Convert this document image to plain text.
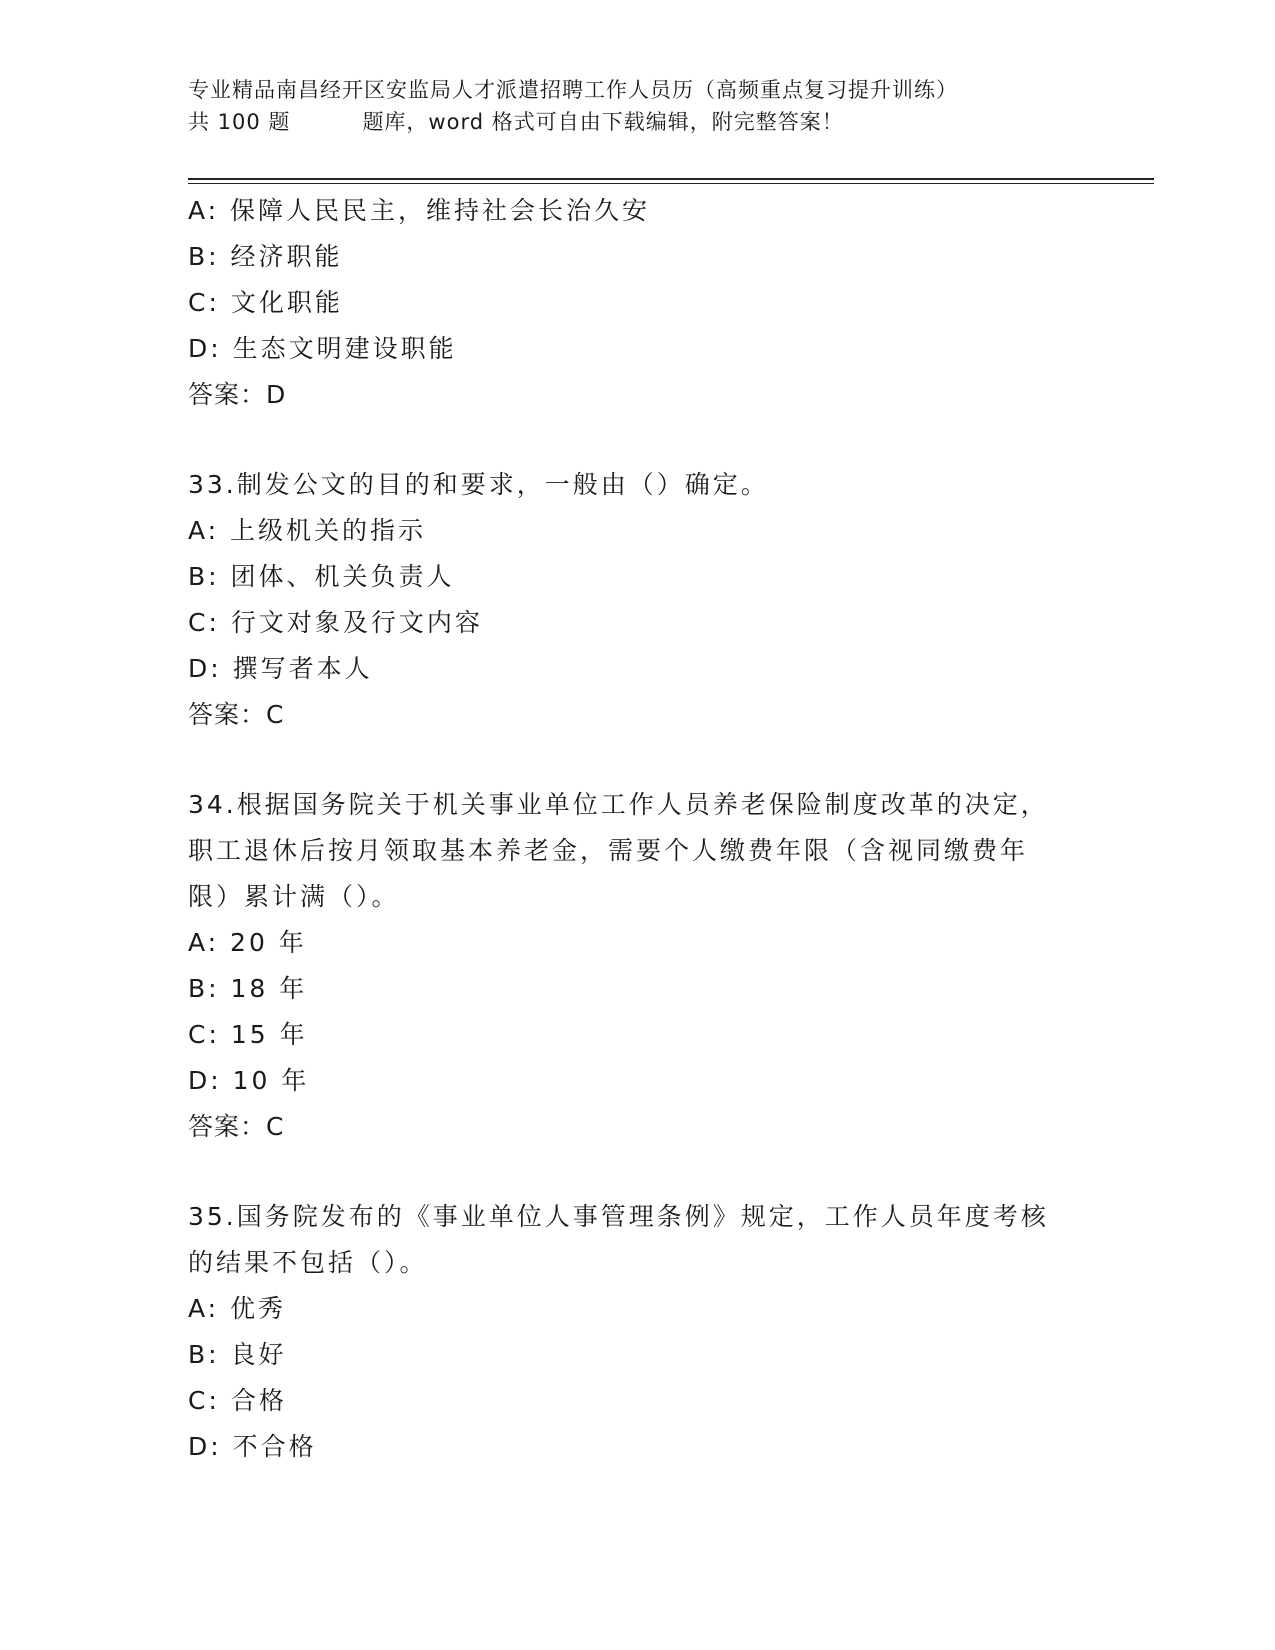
专业精品南昌经开区安监局人才派遣招聘工作人员历（高频重点复习提升训练）
共 100 题	题库，word 格式可自由下载编辑，附完整答案！
A: 保障人民民主，维持社会长治久安
B: 经济职能
C: 文化职能
D: 生态文明建设职能
答案：D
33.制发公文的目的和要求，一般由（）确定。
A: 上级机关的指示
B: 团体、机关负责人
C: 行文对象及行文内容
D: 撰写者本人
答案：C
34.根据国务院关于机关事业单位工作人员养老保险制度改革的决定，
职工退休后按月领取基本养老金，需要个人缴费年限（含视同缴费年
限）累计满（）。
A: 20 年
B: 18 年
C: 15 年
D: 10 年
答案：C
35.国务院发布的《事业单位人事管理条例》规定，工作人员年度考核
的结果不包括（）。
A: 优秀
B: 良好
C: 合格
D: 不合格
